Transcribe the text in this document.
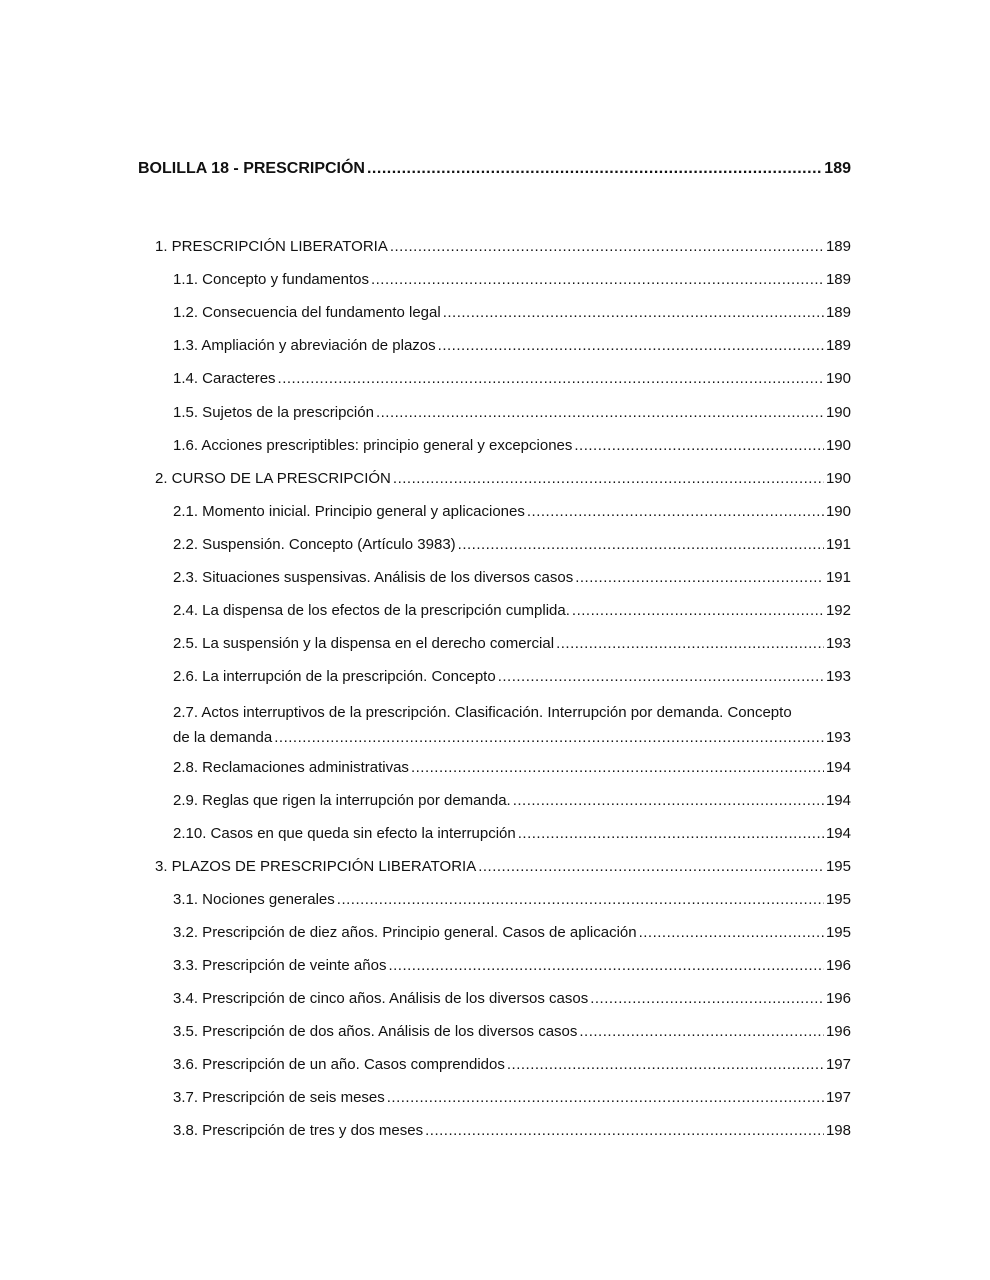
BOLILLA 18 - PRESCRIPCIÓN .....	189
1. PRESCRIPCIÓN LIBERATORIA .....	189
1.1. Concepto y fundamentos .....	189
1.2. Consecuencia del fundamento legal .....	189
1.3. Ampliación y abreviación de plazos .....	189
1.4. Caracteres .....	190
1.5. Sujetos de la prescripción .....	190
1.6. Acciones prescriptibles: principio general y excepciones .....	190
2. CURSO DE LA PRESCRIPCIÓN .....	190
2.1. Momento inicial. Principio general y aplicaciones .....	190
2.2. Suspensión. Concepto (Artículo 3983) .....	191
2.3. Situaciones suspensivas. Análisis de los diversos casos .....	191
2.4. La dispensa de los efectos de la prescripción cumplida. .....	192
2.5. La suspensión y la dispensa en el derecho comercial .....	193
2.6. La interrupción de la prescripción. Concepto .....	193
2.7. Actos interruptivos de la prescripción. Clasificación. Interrupción por demanda. Concepto
de la demanda .....	193
2.8. Reclamaciones administrativas .....	194
2.9. Reglas que rigen la interrupción por demanda. .....	194
2.10. Casos en que queda sin efecto la interrupción .....	194
3. PLAZOS DE PRESCRIPCIÓN LIBERATORIA .....	195
3.1. Nociones generales .....	195
3.2. Prescripción de diez años. Principio general. Casos de aplicación .....	195
3.3. Prescripción de veinte años .....	196
3.4. Prescripción de cinco años. Análisis de los diversos casos .....	196
3.5. Prescripción de dos años. Análisis de los diversos casos .....	196
3.6. Prescripción de un año. Casos comprendidos .....	197
3.7. Prescripción de seis meses .....	197
3.8. Prescripción de tres y dos meses .....	198
